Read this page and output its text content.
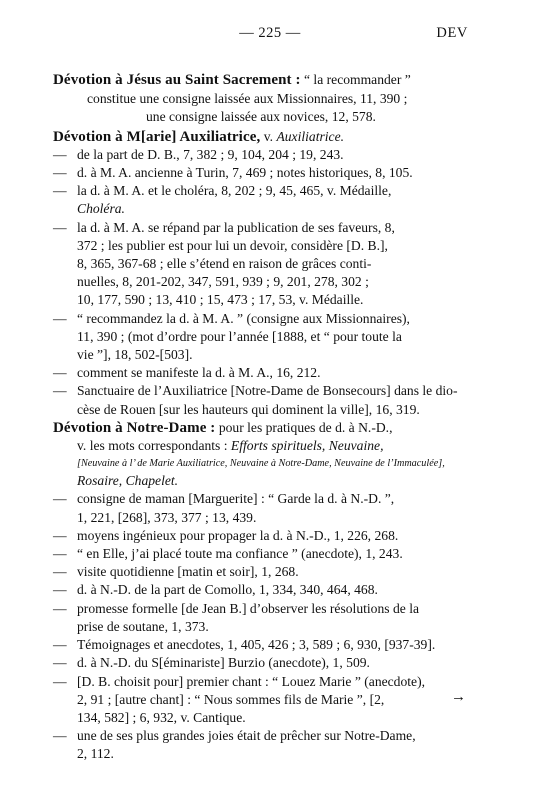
— 225 —	DEV
Dévotion à Jésus au Saint Sacrement : “ la recommander ”
constitue une consigne laissée aux Missionnaires, 11, 390 ;
une consigne laissée aux novices, 12, 578.
Dévotion à M[arie] Auxiliatrice, v. Auxiliatrice.
— de la part de D. B., 7, 382 ; 9, 104, 204 ; 19, 243.
— d. à M. A. ancienne à Turin, 7, 469 ; notes historiques, 8, 105.
— la d. à M. A. et le choléra, 8, 202 ; 9, 45, 465, v. Médaille,
Choléra.
— la d. à M. A. se répand par la publication de ses faveurs, 8,
372 ; les publier est pour lui un devoir, considère [D. B.],
8, 365, 367-68 ; elle s’étend en raison de grâces conti-
nuelles, 8, 201-202, 347, 591, 939 ; 9, 201, 278, 302 ;
10, 177, 590 ; 13, 410 ; 15, 473 ; 17, 53, v. Médaille.
— “ recommandez la d. à M. A. ” (consigne aux Missionnaires),
11, 390 ; (mot d’ordre pour l’année [1888, et “ pour toute la
vie ”], 18, 502-[503].
— comment se manifeste la d. à M. A., 16, 212.
— Sanctuaire de l’Auxiliatrice [Notre-Dame de Bonsecours] dans le dio-
cèse de Rouen [sur les hauteurs qui dominent la ville], 16, 319.
Dévotion à Notre-Dame : pour les pratiques de d. à N.-D.,
v. les mots correspondants : Efforts spirituels, Neuvaine,
[Neuvaine à l’ de Marie Auxiliatrice, Neuvaine à Notre-Dame, Neuvaine de l’Immaculée],
Rosaire, Chapelet.
— consigne de maman [Marguerite] : “ Garde la d. à N.-D. ”,
1, 221, [268], 373, 377 ; 13, 439.
— moyens ingénieux pour propager la d. à N.-D., 1, 226, 268.
— “ en Elle, j’ai placé toute ma confiance ” (anecdote), 1, 243.
— visite quotidienne [matin et soir], 1, 268.
— d. à N.-D. de la part de Comollo, 1, 334, 340, 464, 468.
— promesse formelle [de Jean B.] d’observer les résolutions de la
prise de soutane, 1, 373.
— Témoignages et anecdotes, 1, 405, 426 ; 3, 589 ; 6, 930, [937-39].
— d. à N.-D. du S[éminariste] Burzio (anecdote), 1, 509.
— [D. B. choisit pour] premier chant : “ Louez Marie ” (anecdote),
2, 91 ; [autre chant] : “ Nous sommes fils de Marie ”, [2,
134, 582] ; 6, 932, v. Cantique.
— une de ses plus grandes joies était de prêcher sur Notre-Dame,
2, 112.
→
